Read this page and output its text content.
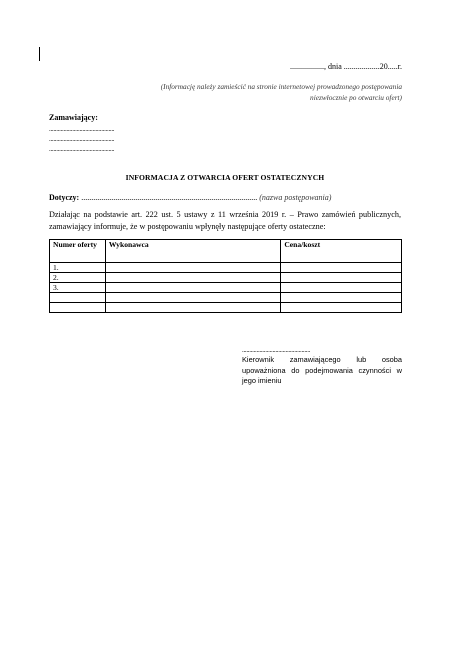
................., dnia ..................20.....r.
(Informację należy zamieścić na stronie internetowej prowadzonego postępowania
niezwłocznie po otwarciu ofert)
Zamawiający:
.............................................
.............................................
.............................................
INFORMACJA Z OTWARCIA OFERT OSTATECZNYCH
Dotyczy: ........................................................................................ (nazwa postępowania)
Działając na podstawie art. 222 ust. 5 ustawy z 11 września 2019 r. – Prawo zamówień publicznych, zamawiający informuje, że w postępowaniu wpłynęły następujące oferty ostateczne:
Numer oferty	Wykonawca	Cena/koszt
1.		
2.		
3.		

...............................................
Kierownik zamawiającego lub osoba upoważniona do podejmowania czynności w jego imieniu
